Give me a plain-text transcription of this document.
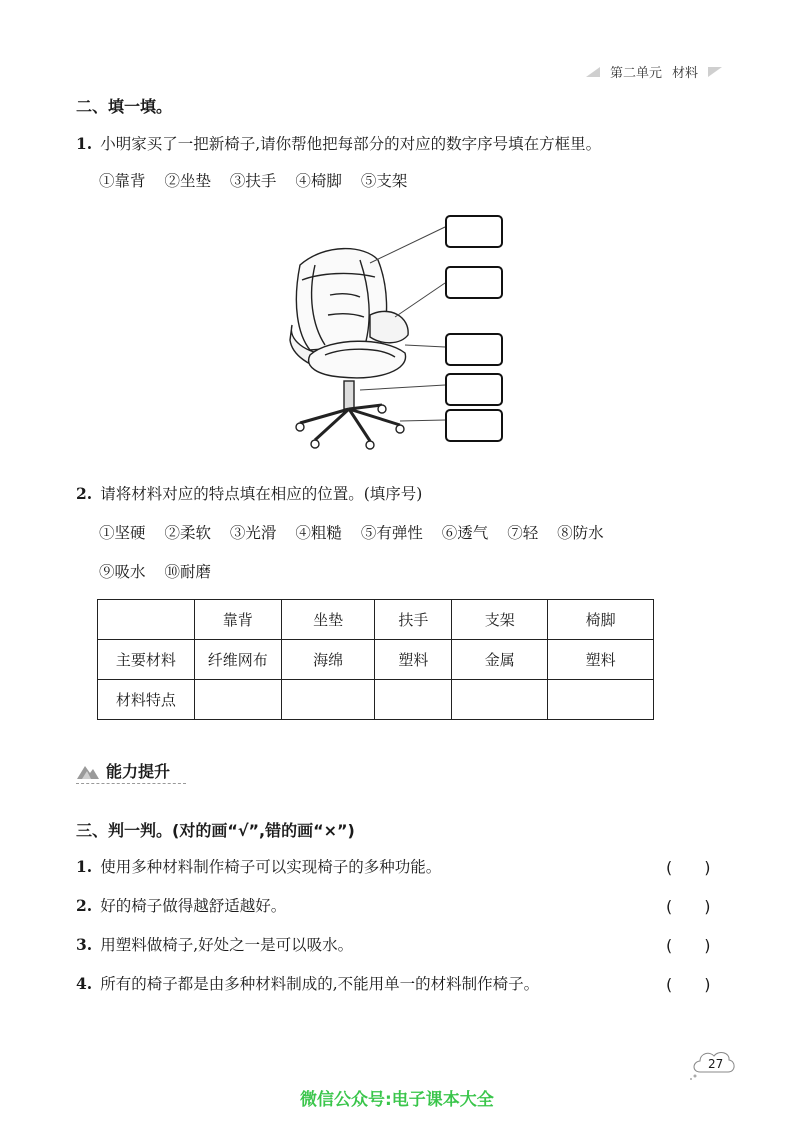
第二单元 材料
二、填一填。
1. 小明家买了一把新椅子,请你帮他把每部分的对应的数字序号填在方框里。
①靠背 ②坐垫 ③扶手 ④椅脚 ⑤支架
2. 请将材料对应的特点填在相应的位置。(填序号)
①坚硬 ②柔软 ③光滑 ④粗糙 ⑤有弹性 ⑥透气 ⑦轻 ⑧防水
⑨吸水 ⑩耐磨
	靠背	坐垫	扶手	支架	椅脚
主要材料	纤维网布	海绵	塑料	金属	塑料
材料特点					
能力提升
三、判一判。(对的画“√”,错的画“×”)
1. 使用多种材料制作椅子可以实现椅子的多种功能。	(　　)
2. 好的椅子做得越舒适越好。	(　　)
3. 用塑料做椅子,好处之一是可以吸水。	(　　)
4. 所有的椅子都是由多种材料制成的,不能用单一的材料制作椅子。	(　　)
27
微信公众号:电子课本大全
